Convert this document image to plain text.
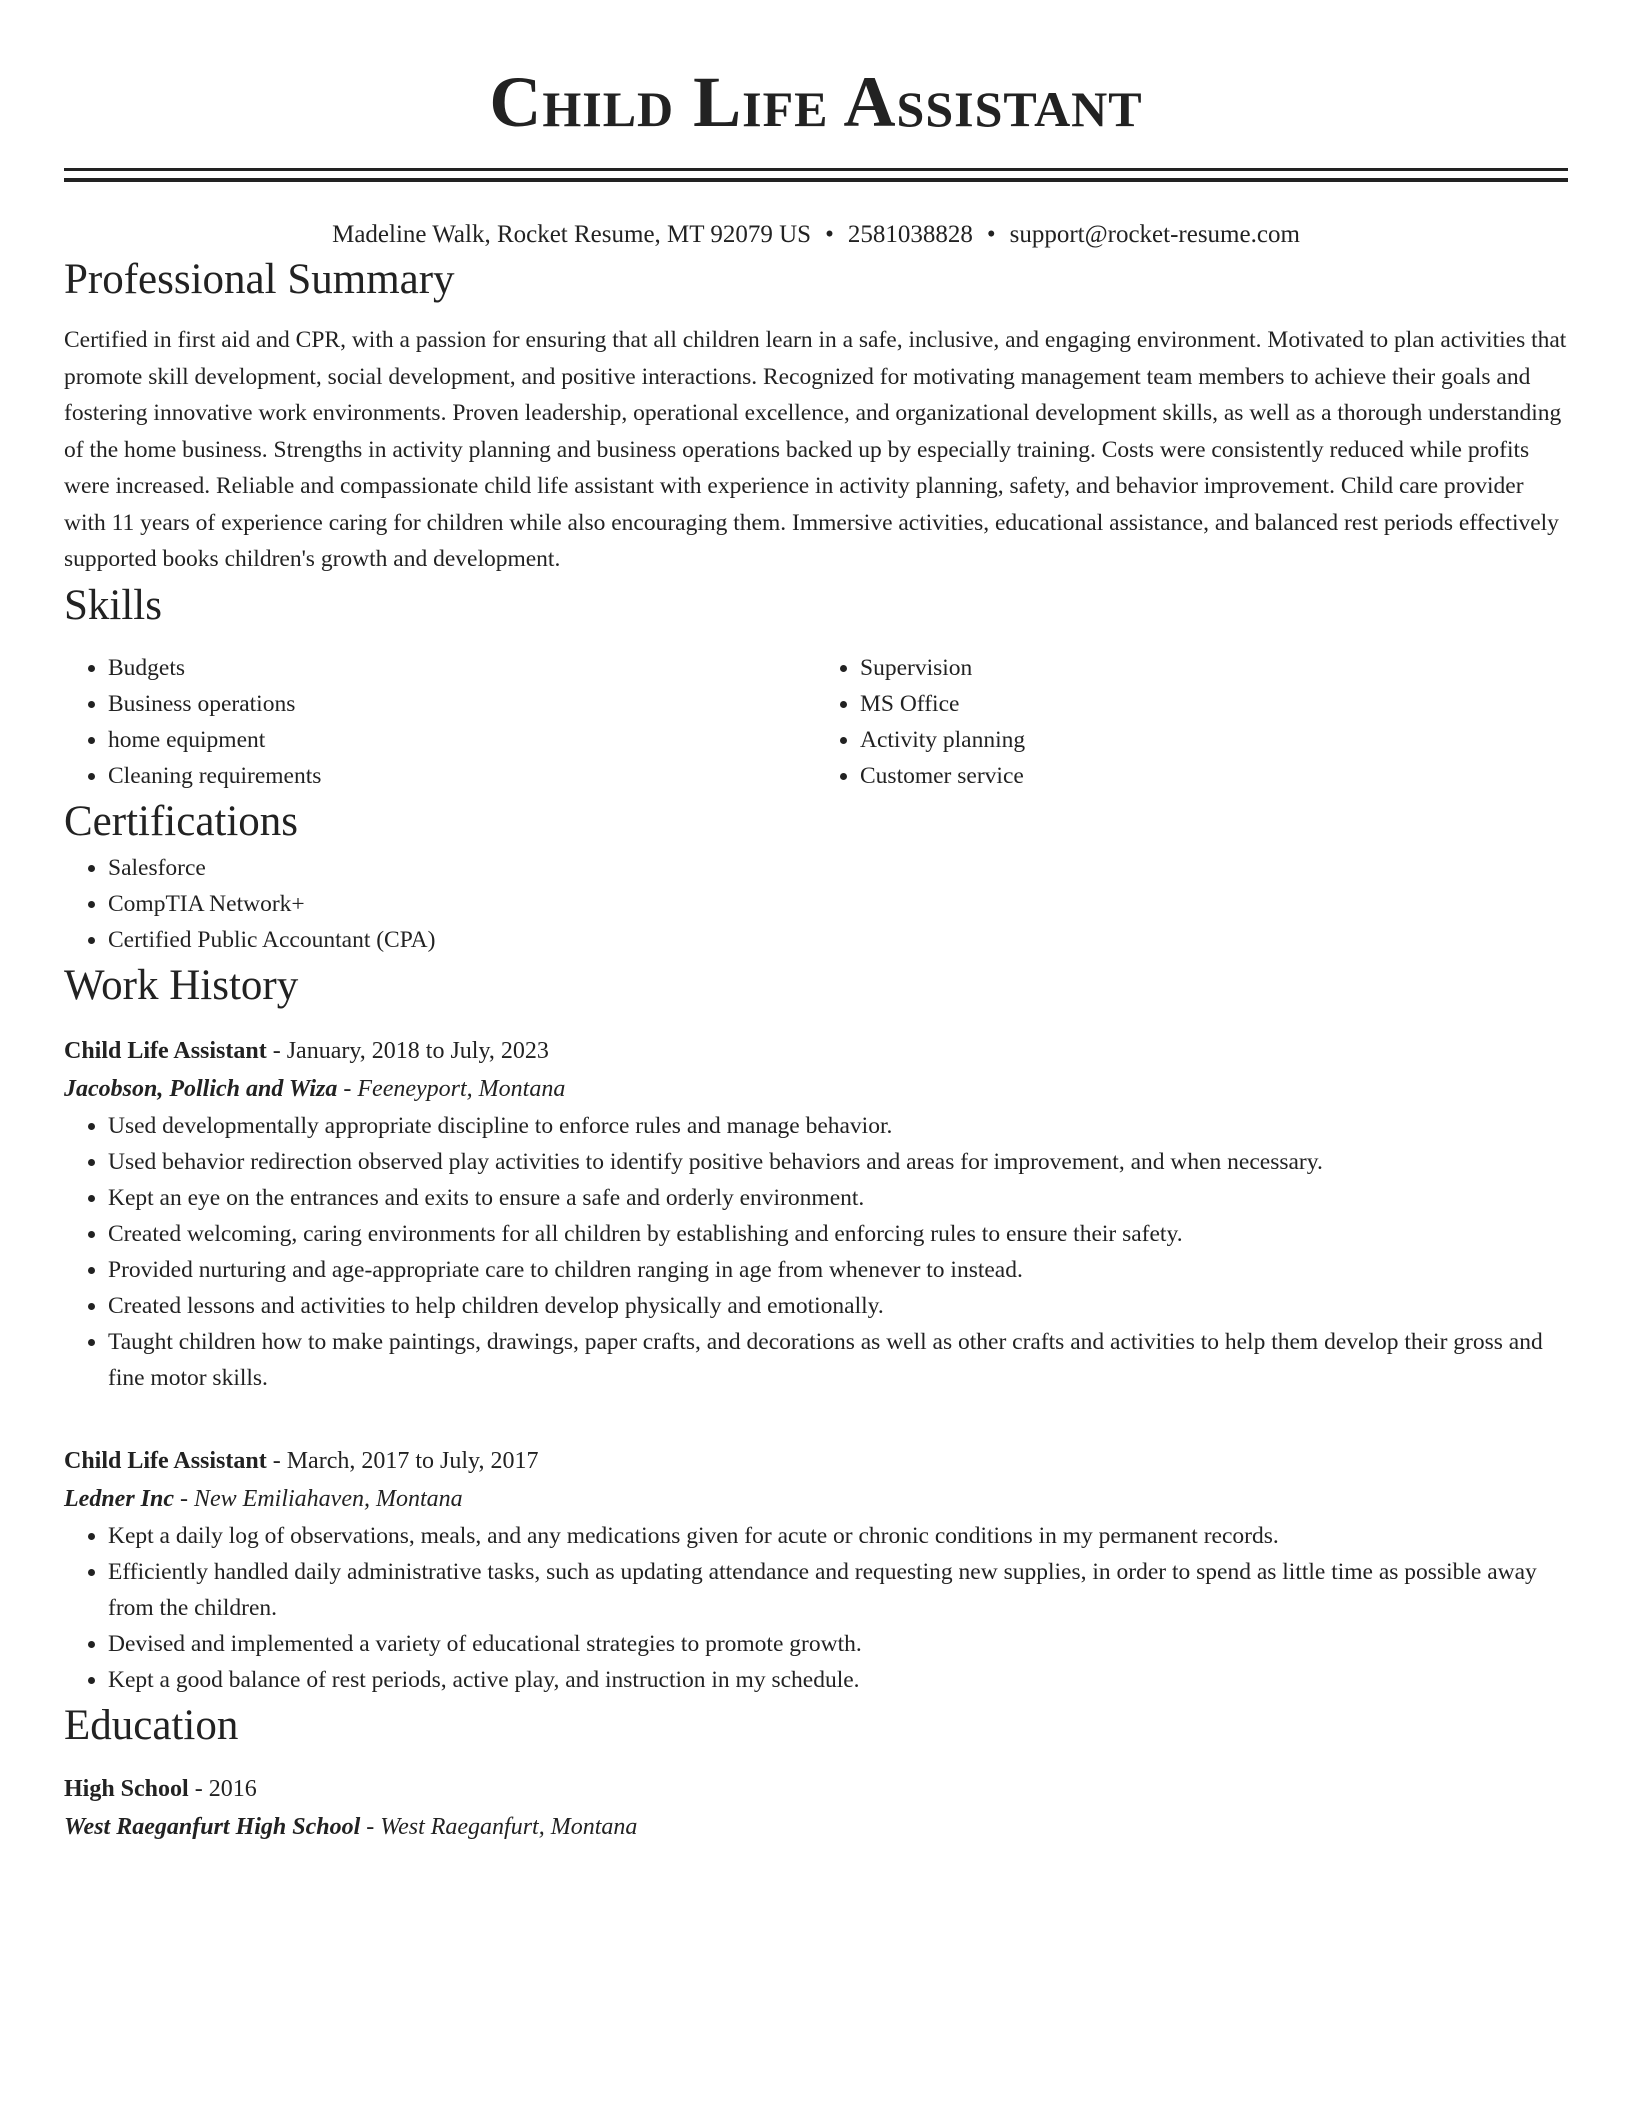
Child Life Assistant
Madeline Walk, Rocket Resume, MT 92079 US • 2581038828 • support@rocket-resume.com
Professional Summary
Certified in first aid and CPR, with a passion for ensuring that all children learn in a safe, inclusive, and engaging environment. Motivated to plan activities that promote skill development, social development, and positive interactions. Recognized for motivating management team members to achieve their goals and fostering innovative work environments. Proven leadership, operational excellence, and organizational development skills, as well as a thorough understanding of the home business. Strengths in activity planning and business operations backed up by especially training. Costs were consistently reduced while profits were increased. Reliable and compassionate child life assistant with experience in activity planning, safety, and behavior improvement. Child care provider with 11 years of experience caring for children while also encouraging them. Immersive activities, educational assistance, and balanced rest periods effectively supported books children's growth and development.
Skills
• Budgets
• Business operations
• home equipment
• Cleaning requirements
• Supervision
• MS Office
• Activity planning
• Customer service
Certifications
• Salesforce
• CompTIA Network+
• Certified Public Accountant (CPA)
Work History
Child Life Assistant - January, 2018 to July, 2023
Jacobson, Pollich and Wiza - Feeneyport, Montana
• Used developmentally appropriate discipline to enforce rules and manage behavior.
• Used behavior redirection observed play activities to identify positive behaviors and areas for improvement, and when necessary.
• Kept an eye on the entrances and exits to ensure a safe and orderly environment.
• Created welcoming, caring environments for all children by establishing and enforcing rules to ensure their safety.
• Provided nurturing and age-appropriate care to children ranging in age from whenever to instead.
• Created lessons and activities to help children develop physically and emotionally.
• Taught children how to make paintings, drawings, paper crafts, and decorations as well as other crafts and activities to help them develop their gross and fine motor skills.
Child Life Assistant - March, 2017 to July, 2017
Ledner Inc - New Emiliahaven, Montana
• Kept a daily log of observations, meals, and any medications given for acute or chronic conditions in my permanent records.
• Efficiently handled daily administrative tasks, such as updating attendance and requesting new supplies, in order to spend as little time as possible away from the children.
• Devised and implemented a variety of educational strategies to promote growth.
• Kept a good balance of rest periods, active play, and instruction in my schedule.
Education
High School - 2016
West Raeganfurt High School - West Raeganfurt, Montana
